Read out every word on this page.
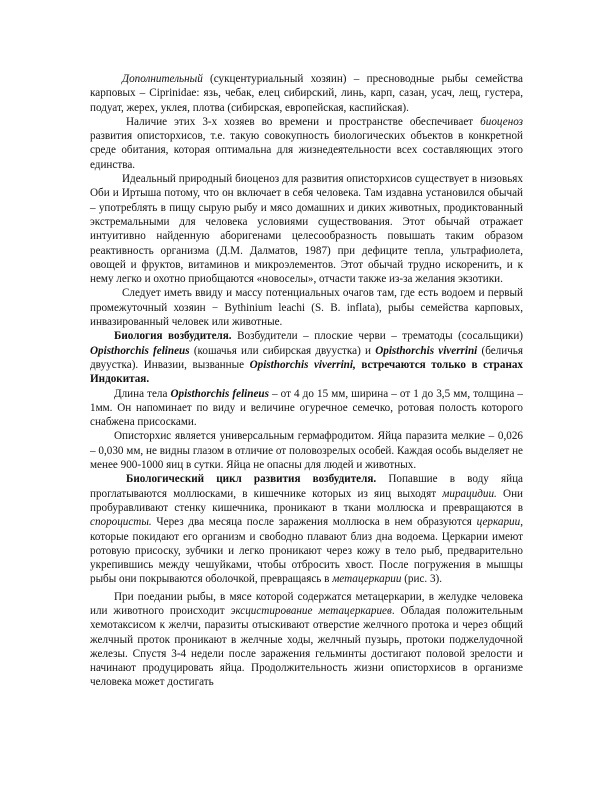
Дополнительный (сукцентуриальный хозяин) – пресноводные рыбы семейства карповых – Ciprinidae: язь, чебак, елец сибирский, линь, карп, сазан, усач, лещ, густера, подуат, жерех, уклея, плотва (сибирская, европейская, каспийская).

Наличие этих 3-х хозяев во времени и пространстве обеспечивает биоценоз развития описторхисов, т.е. такую совокупность биологических объектов в конкретной среде обитания, которая оптимальна для жизнедеятельности всех составляющих этого единства.

Идеальный природный биоценоз для развития описторхисов существует в низовьях Оби и Иртыша потому, что он включает в себя человека. Там издавна установился обычай – употреблять в пищу сырую рыбу и мясо домашних и диких животных, продиктованный экстремальными для человека условиями существования. Этот обычай отражает интуитивно найденную аборигенами целесообразность повышать таким образом реактивность организма (Д.М. Далматов, 1987) при дефиците тепла, ультрафиолета, овощей и фруктов, витаминов и микроэлементов. Этот обычай трудно искоренить, и к нему легко и охотно приобщаются «новоселы», отчасти также из-за желания экзотики.

Следует иметь ввиду и массу потенциальных очагов там, где есть водоем и первый промежуточный хозяин − Bythinium leachi (S. B. inflata), рыбы семейства карповых, инвазированный человек или животные.

Биология возбудителя. Возбудители – плоские черви – трематоды (сосальщики) Opisthorchis felineus (кошачья или сибирская двуустка) и Opisthorchis viverrini (беличья двуустка). Инвазии, вызванные Opisthorchis viverrini, встречаются только в странах Индокитая.

Длина тела Opisthorchis felineus – от 4 до 15 мм, ширина – от 1 до 3,5 мм, толщина – 1мм. Он напоминает по виду и величине огуречное семечко, ротовая полость которого снабжена присосками.

Описторхис является универсальным гермафродитом. Яйца паразита мелкие – 0,026 – 0,030 мм, не видны глазом в отличие от половозрелых особей. Каждая особь выделяет не менее 900-1000 яиц в сутки. Яйца не опасны для людей и животных.

Биологический цикл развития возбудителя. Попавшие в воду яйца проглатываются моллюсками, в кишечнике которых из яиц выходят мирацидии. Они пробуравливают стенку кишечника, проникают в ткани моллюска и превращаются в спороцисты. Через два месяца после заражения моллюска в нем образуются церкарии, которые покидают его организм и свободно плавают близ дна водоема. Церкарии имеют ротовую присоску, зубчики и легко проникают через кожу в тело рыб, предварительно укрепившись между чешуйками, чтобы отбросить хвост. После погружения в мышцы рыбы они покрываются оболочкой, превращаясь в метацеркарии (рис. 3).

При поедании рыбы, в мясе которой содержатся метацеркарии, в желудке человека или животного происходит эксцистирование метацеркариев. Обладая положительным хемотаксисом к желчи, паразиты отыскивают отверстие желчного протока и через общий желчный проток проникают в желчные ходы, желчный пузырь, протоки поджелудочной железы. Спустя 3-4 недели после заражения гельминты достигают половой зрелости и начинают продуцировать яйца. Продолжительность жизни описторхисов в организме человека может достигать
